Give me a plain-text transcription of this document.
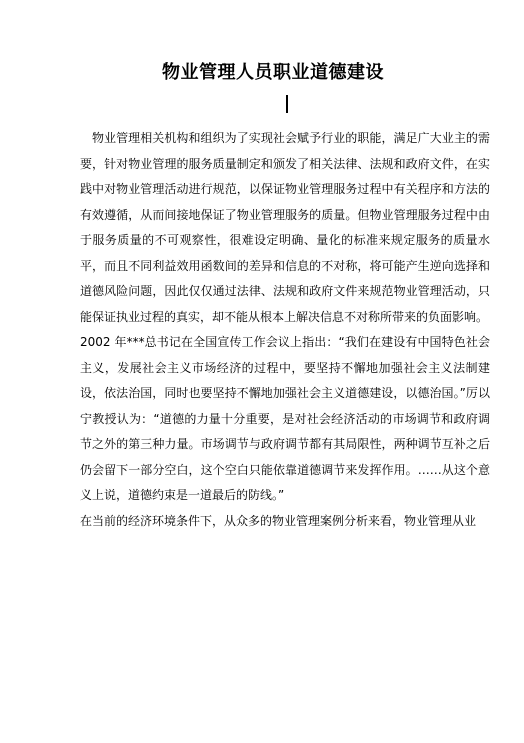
物业管理人员职业道德建设

物业管理相关机构和组织为了实现社会赋予行业的职能，满足广大业主的需要，针对物业管理的服务质量制定和颁发了相关法律、法规和政府文件，在实践中对物业管理活动进行规范，以保证物业管理服务过程中有关程序和方法的有效遵循，从而间接地保证了物业管理服务的质量。但物业管理服务过程中由于服务质量的不可观察性，很难设定明确、量化的标准来规定服务的质量水平，而且不同利益效用函数间的差异和信息的不对称，将可能产生逆向选择和道德风险问题，因此仅仅通过法律、法规和政府文件来规范物业管理活动，只能保证执业过程的真实，却不能从根本上解决信息不对称所带来的负面影响。

2002 年***总书记在全国宣传工作会议上指出：“我们在建设有中国特色社会主义，发展社会主义市场经济的过程中，要坚持不懈地加强社会主义法制建设，依法治国，同时也要坚持不懈地加强社会主义道德建设，以德治国。”厉以宁教授认为：“道德的力量十分重要，是对社会经济活动的市场调节和政府调节之外的第三种力量。市场调节与政府调节都有其局限性，两种调节互补之后仍会留下一部分空白，这个空白只能依靠道德调节来发挥作用。……从这个意义上说，道德约束是一道最后的防线。”

在当前的经济环境条件下，从众多的物业管理案例分析来看，物业管理从业
